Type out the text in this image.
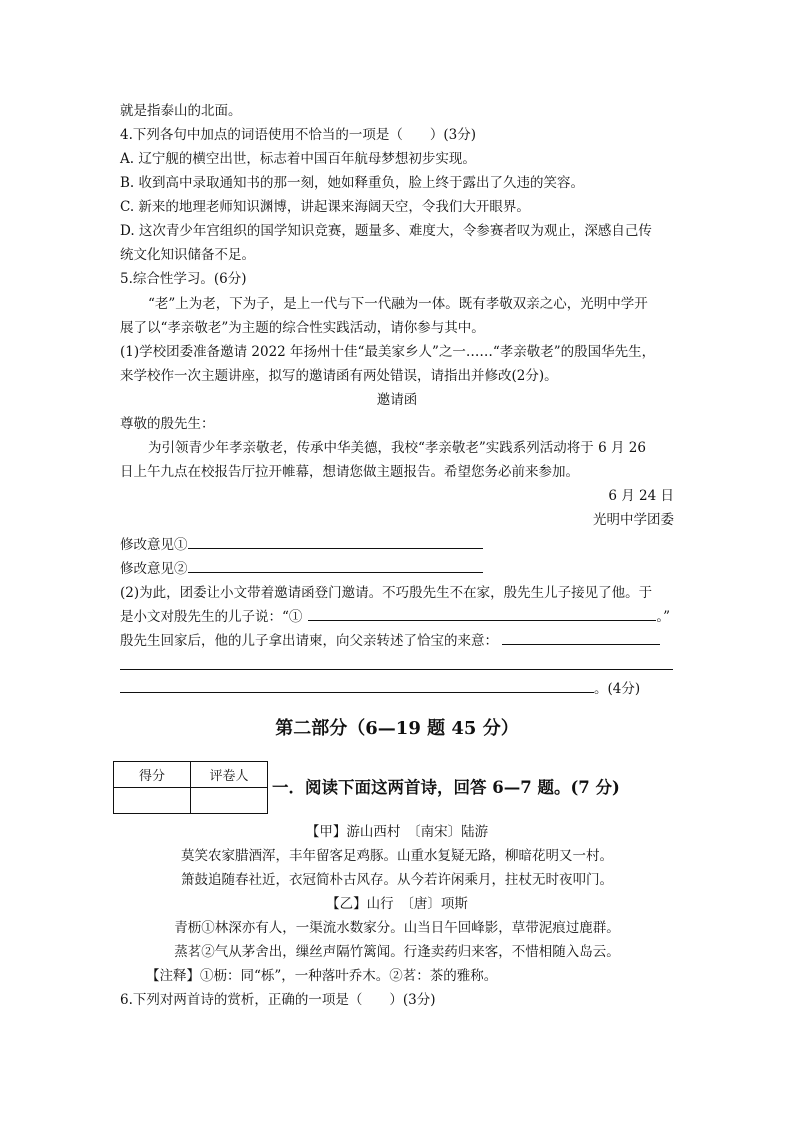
就是指泰山的北面。
4.下列各句中加点的词语使用不恰当的一项是（　　）(3分)
A. 辽宁舰的横空出世，标志着中国百年航母梦想初步实现。
B. 收到高中录取通知书的那一刻，她如释重负，脸上终于露出了久违的笑容。
C. 新来的地理老师知识渊博，讲起课来海阔天空，令我们大开眼界。
D. 这次青少年宫组织的国学知识竞赛，题量多、难度大，令参赛者叹为观止，深感自己传
统文化知识储备不足。
5.综合性学习。(6分)
“老”上为老，下为子，是上一代与下一代融为一体。既有孝敬双亲之心，光明中学开
展了以“孝亲敬老”为主题的综合性实践活动，请你参与其中。
(1)学校团委准备邀请 2022 年扬州十佳“最美家乡人”之一……“孝亲敬老”的殷国华先生，
来学校作一次主题讲座，拟写的邀请函有两处错误，请指出并修改(2分)。
邀请函
尊敬的殷先生：
为引领青少年孝亲敬老，传承中华美德，我校“孝亲敬老”实践系列活动将于 6 月 26
日上午九点在校报告厅拉开帷幕，想请您做主题报告。希望您务必前来参加。
6 月 24 日
光明中学团委
修改意见①
修改意见②
(2)为此，团委让小文带着邀请函登门邀请。不巧殷先生不在家，殷先生儿子接见了他。于
是小文对殷先生的儿子说：“①	。”
殷先生回家后，他的儿子拿出请柬，向父亲转述了恰宝的来意：
。(4分)
第二部分（6—19 题 45 分）
得分	评卷人

一．阅读下面这两首诗，回答 6—7 题。(7 分)
【甲】游山西村　〔南宋〕陆游
莫笑农家腊酒浑，丰年留客足鸡豚。山重水复疑无路，柳暗花明又一村。
箫鼓追随春社近，衣冠简朴古风存。从今若许闲乘月，拄杖无时夜叩门。
【乙】山行　〔唐〕项斯
青枥①林深亦有人，一渠流水数家分。山当日午回峰影，草带泥痕过鹿群。
蒸茗②气从茅舍出，缫丝声隔竹篱闻。行逢卖药归来客，不惜相随入岛云。
【注释】①枥：同“栎”，一种落叶乔木。②茗：茶的雅称。
6.下列对两首诗的赏析，正确的一项是（　　）(3分)
